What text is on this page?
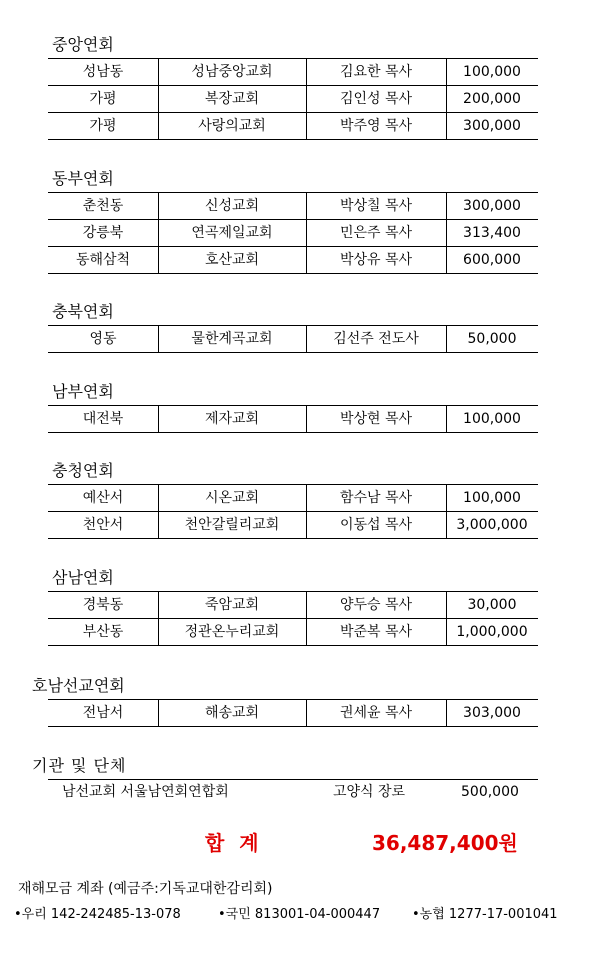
중앙연회
성남동	성남중앙교회	김요한 목사	100,000
가평	복장교회	김인성 목사	200,000
가평	사랑의교회	박주영 목사	300,000
동부연회
춘천동	신성교회	박상칠 목사	300,000
강릉북	연곡제일교회	민은주 목사	313,400
동해삼척	호산교회	박상유 목사	600,000
충북연회
영동	물한계곡교회	김선주 전도사	50,000
남부연회
대전북	제자교회	박상현 목사	100,000
충청연회
예산서	시온교회	함수남 목사	100,000
천안서	천안갈릴리교회	이동섭 목사	3,000,000
삼남연회
경북동	죽암교회	양두승 목사	30,000
부산동	정관온누리교회	박준복 목사	1,000,000
호남선교연회
전남서	해송교회	권세윤 목사	303,000
기관 및 단체
남선교회 서울남연회연합회	고양식 장로	500,000
합 계	36,487,400원
재해모금 계좌 (예금주:기독교대한감리회)
•우리 142-242485-13-078	•국민 813001-04-000447 •농협 1277-17-001041
